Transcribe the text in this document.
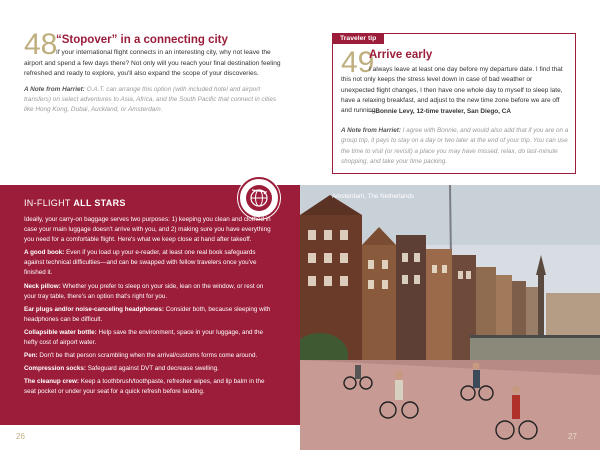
48
“Stopover” in a connecting city
If your international flight connects in an interesting city, why not leave the airport and spend a few days there? Not only will you reach your final destination feeling refreshed and ready to explore, you'll also expand the scope of your discoveries.
A Note from Harriet: O.A.T. can arrange this option (with included hotel and airport transfers) on select adventures to Asia, Africa, and the South Pacific that connect in cities like Hong Kong, Dubai, Auckland, or Amsterdam.
Traveler tip
49
Arrive early
I always leave at least one day before my departure date. I find that this not only keeps the stress level down in case of bad weather or unexpected flight changes, I then have one whole day to myself to sleep late, have a relaxing breakfast, and adjust to the new time zone before we are off and running.
—Bonnie Levy, 12-time traveler, San Diego, CA
A Note from Harriet: I agree with Bonnie, and would also add that if you are on a group trip, it pays to stay on a day or two later at the end of your trip. You can use the time to visit (or revisit) a place you may have missed, relax, do last-minute shopping, and take your time packing.
IN-FLIGHT ALL STARS

Ideally, your carry-on baggage serves two purposes: 1) keeping you clean and clothed in case your main luggage doesn't arrive with you, and 2) making sure you have everything you need for a comfortable flight. Here's what we keep close at hand after takeoff.

A good book: Even if you load up your e-reader, at least one real book safeguards against technical difficulties—and can be swapped with fellow travelers once you've finished it.

Neck pillow: Whether you prefer to sleep on your side, lean on the window, or rest on your tray table, there's an option that's right for you.

Ear plugs and/or noise-canceling headphones: Consider both, because sleeping with headphones can be difficult.

Collapsible water bottle: Help save the environment, space in your luggage, and the hefty cost of airport water.

Pen: Don't be that person scrambling when the arrival/customs forms come around.

Compression socks: Safeguard against DVT and decrease swelling.

The cleanup crew: Keep a toothbrush/toothpaste, refresher wipes, and lip balm in the seat pocket or under your seat for a quick refresh before landing.

26
Amsterdam, The Netherlands
27
